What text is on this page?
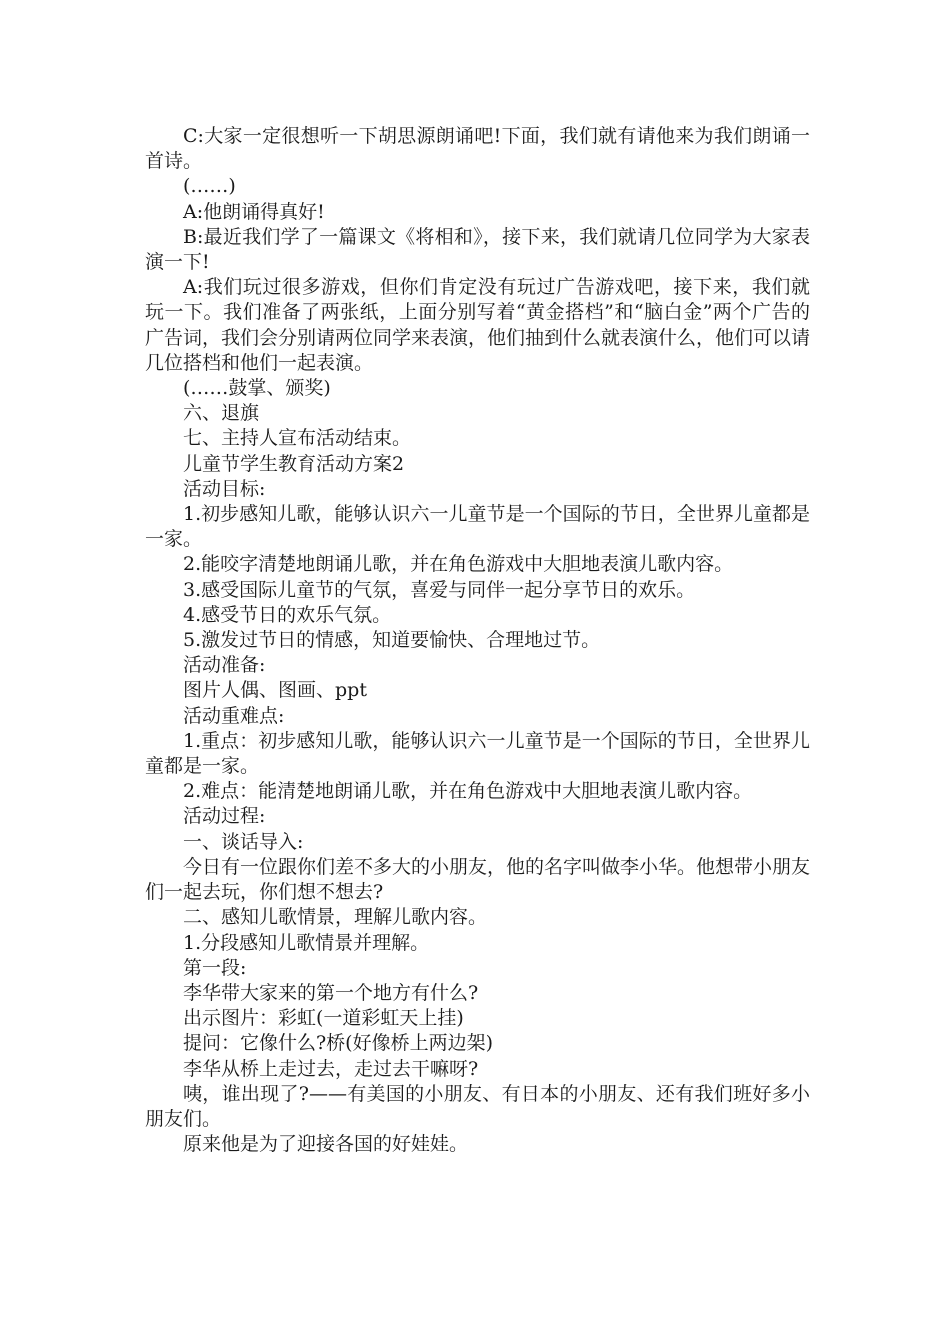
C:大家一定很想听一下胡思源朗诵吧!下面，我们就有请他来为我们朗诵一首诗。

(……)

A:他朗诵得真好!

B:最近我们学了一篇课文《将相和》，接下来，我们就请几位同学为大家表演一下!

A:我们玩过很多游戏，但你们肯定没有玩过广告游戏吧，接下来，我们就玩一下。我们准备了两张纸，上面分别写着“黄金搭档”和“脑白金”两个广告的广告词，我们会分别请两位同学来表演，他们抽到什么就表演什么，他们可以请几位搭档和他们一起表演。

(……鼓掌、颁奖)

六、退旗

七、主持人宣布活动结束。

儿童节学生教育活动方案2

活动目标:

1.初步感知儿歌，能够认识六一儿童节是一个国际的节日，全世界儿童都是一家。

2.能咬字清楚地朗诵儿歌，并在角色游戏中大胆地表演儿歌内容。

3.感受国际儿童节的气氛，喜爱与同伴一起分享节日的欢乐。

4.感受节日的欢乐气氛。

5.激发过节日的情感，知道要愉快、合理地过节。

活动准备:

图片人偶、图画、ppt

活动重难点:

1.重点：初步感知儿歌，能够认识六一儿童节是一个国际的节日，全世界儿童都是一家。

2.难点：能清楚地朗诵儿歌，并在角色游戏中大胆地表演儿歌内容。

活动过程:

一、谈话导入:

今日有一位跟你们差不多大的小朋友，他的名字叫做李小华。他想带小朋友们一起去玩，你们想不想去?

二、感知儿歌情景，理解儿歌内容。

1.分段感知儿歌情景并理解。

第一段:

李华带大家来的第一个地方有什么?

出示图片：彩虹(一道彩虹天上挂)

提问：它像什么?桥(好像桥上两边架)

李华从桥上走过去，走过去干嘛呀?

咦，谁出现了?——有美国的小朋友、有日本的小朋友、还有我们班好多小朋友们。

原来他是为了迎接各国的好娃娃。
